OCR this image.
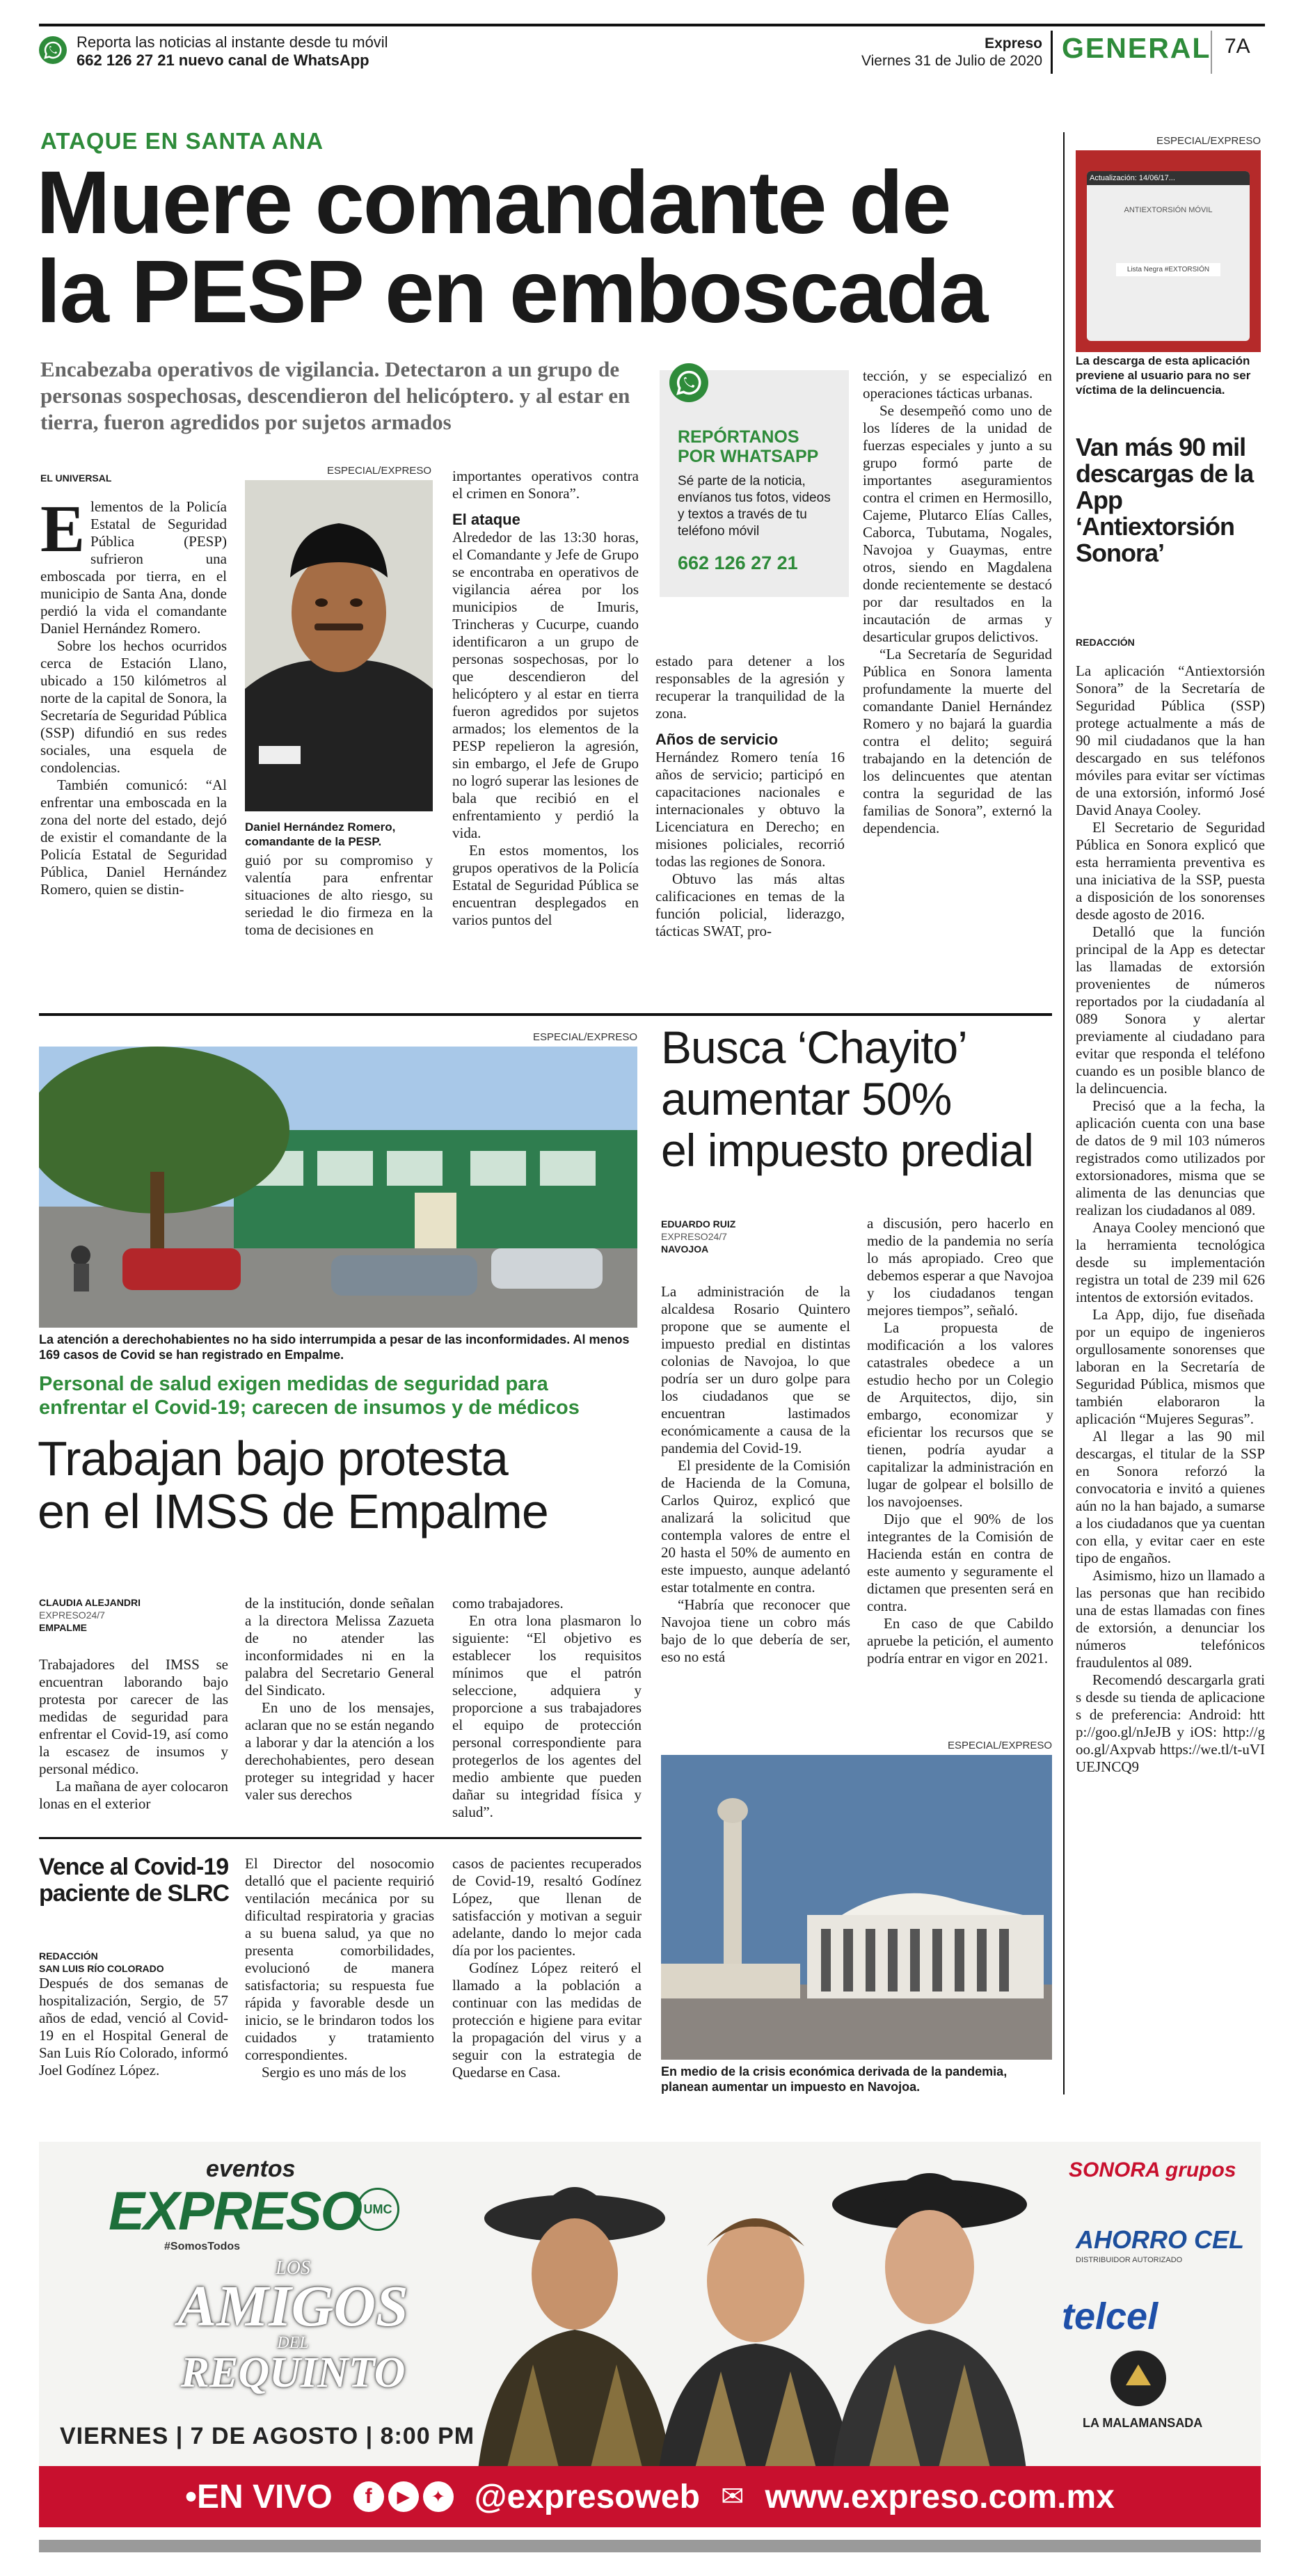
Reporta las noticias al instante desde tu móvil
662 126 27 21 nuevo canal de WhatsApp
Expreso
Viernes 31 de Julio de 2020 GENERAL 7A
ATAQUE EN SANTA ANA
Muere comandante de
la PESP en emboscada
Encabezaba operativos de vigilancia. Detectaron a un grupo de personas sospechosas, descendieron del helicóptero. y al estar en tierra, fueron agredidos por sujetos armados
EL UNIVERSAL
ESPECIAL/EXPRESO
Daniel Hernández Romero, comandante de la PESP.
E lementos de la Policía Estatal de Seguridad Pública (PESP) sufrieron una emboscada por tierra, en el municipio de Santa Ana, donde perdió la vida el comandante Daniel Hernández Romero.

Sobre los hechos ocurridos cerca de Estación Llano, ubicado a 150 kilómetros al norte de la capital de Sonora, la Secretaría de Seguridad Pública (SSP) difundió en sus redes sociales, una esquela de condolencias.

También comunicó: “Al enfrentar una emboscada en la zona del norte del estado, dejó de existir el comandante de la Policía Estatal de Seguridad Pública, Daniel Hernández Romero, quien se distin-

guió por su compromiso y valentía para enfrentar situaciones de alto riesgo, su seriedad le dio firmeza en la toma de decisiones en

importantes operativos contra el crimen en Sonora”.

El ataque

Alrededor de las 13:30 horas, el Comandante y Jefe de Grupo se encontraba en operativos de vigilancia aérea por los municipios de Imuris, Trincheras y Cucurpe, cuando identificaron a un grupo de personas sospechosas, por lo que descendieron del helicóptero y al estar en tierra fueron agredidos por sujetos armados; los elementos de la PESP repelieron la agresión, sin embargo, el Jefe de Grupo no logró superar las lesiones de bala que recibió en el enfrentamiento y perdió la vida.

En estos momentos, los grupos operativos de la Policía Estatal de Seguridad Pública se encuentran desplegados en varios puntos del

estado para detener a los responsables de la agresión y recuperar la tranquilidad de la zona.

Años de servicio

Hernández Romero tenía 16 años de servicio; participó en capacitaciones nacionales e internacionales y obtuvo la Licenciatura en Derecho; en misiones policiales, recorrió todas las regiones de Sonora.

Obtuvo las más altas calificaciones en temas de la función policial, liderazgo, tácticas SWAT, pro-

tección, y se especializó en operaciones tácticas urbanas.

Se desempeñó como uno de los líderes de la unidad de fuerzas especiales y junto a su grupo formó parte de importantes aseguramientos contra el crimen en Hermosillo, Cajeme, Plutarco Elías Calles, Caborca, Tubutama, Nogales, Navojoa y Guaymas, entre otros, siendo en Magdalena donde recientemente se destacó por dar resultados en la incautación de armas y desarticular grupos delictivos.

“La Secretaría de Seguridad Pública en Sonora lamenta profundamente la muerte del comandante Daniel Hernández Romero y no bajará la guardia contra el delito; seguirá trabajando en la detención de los delincuentes que atentan contra la seguridad de las familias de Sonora”, externó la dependencia.

REPÓRTANOS
POR WHATSAPP
Sé parte de la noticia, envíanos tus fotos, videos y textos a través de tu teléfono móvil
662 126 27 21
ESPECIAL/EXPRESO
Actualización: 14/06/17...
ANTIEXTORSIÓN MÓVIL
Lista Negra #EXTORSIÓN
La descarga de esta aplicación previene al usuario para no ser víctima de la delincuencia.
Van más 90 mil descargas de la App ‘Antiextorsión Sonora’
REDACCIÓN

La aplicación “Antiextorsión Sonora” de la Secretaría de Seguridad Pública (SSP) protege actualmente a más de 90 mil ciudadanos que la han descargado en sus teléfonos móviles para evitar ser víctimas de una extorsión, informó José David Anaya Cooley.

El Secretario de Seguridad Pública en Sonora explicó que esta herramienta preventiva es una iniciativa de la SSP, puesta a disposición de los sonorenses desde agosto de 2016.

Detalló que la función principal de la App es detectar las llamadas de extorsión provenientes de números reportados por la ciudadanía al 089 Sonora y alertar previamente al ciudadano para evitar que responda el teléfono cuando es un posible blanco de la delincuencia.

Precisó que a la fecha, la aplicación cuenta con una base de datos de 9 mil 103 números registrados como utilizados por extorsionadores, misma que se alimenta de las denuncias que realizan los ciudadanos al 089.

Anaya Cooley mencionó que la herramienta tecnológica desde su implementación registra un total de 239 mil 626 intentos de extorsión evitados.

La App, dijo, fue diseñada por un equipo de ingenieros orgullosamente sonorenses que laboran en la Secretaría de Seguridad Pública, mismos que también elaboraron la aplicación “Mujeres Seguras”.

Al llegar a las 90 mil descargas, el titular de la SSP en Sonora reforzó la convocatoria e invitó a quienes aún no la han bajado, a sumarse a los ciudadanos que ya cuentan con ella, y evitar caer en este tipo de engaños.

Asimismo, hizo un llamado a las personas que han recibido una de estas llamadas con fines de extorsión, a denunciar los números telefónicos fraudulentos al 089.

Recomendó descargarla gratis desde su tienda de aplicaciones de preferencia: Android: http://goo.gl/nJeJB y iOS: http://goo.gl/Axpvab https://we.tl/t-uVIUEJNCQ9

ESPECIAL/EXPRESO
La atención a derechohabientes no ha sido interrumpida a pesar de las inconformidades. Al menos 169 casos de Covid se han registrado en Empalme.
Personal de salud exigen medidas de seguridad para enfrentar el Covid-19; carecen de insumos y de médicos
Trabajan bajo protesta
en el IMSS de Empalme
CLAUDIA ALEJANDRI
EXPRESO24/7
EMPALME

Trabajadores del IMSS se encuentran laborando bajo protesta por carecer de las medidas de seguridad para enfrentar el Covid-19, así como la escasez de insumos y personal médico.

La mañana de ayer colocaron lonas en el exterior

de la institución, donde señalan a la directora Melissa Zazueta de no atender las inconformidades ni en la palabra del Secretario General del Sindicato.

En uno de los mensajes, aclaran que no se están negando a laborar y dar la atención a los derechohabientes, pero desean proteger su integridad y hacer valer sus derechos

como trabajadores.

En otra lona plasmaron lo siguiente: “El objetivo es establecer los requisitos mínimos que el patrón seleccione, adquiera y proporcione a sus trabajadores el equipo de protección personal correspondiente para protegerlos de los agentes del medio ambiente que pueden dañar su integridad física y salud”.

Vence al Covid-19 paciente de SLRC
REDACCIÓN
SAN LUIS RÍO COLORADO

Después de dos semanas de hospitalización, Sergio, de 57 años de edad, venció al Covid-19 en el Hospital General de San Luis Río Colorado, informó Joel Godínez López.

El Director del nosocomio detalló que el paciente requirió ventilación mecánica por su dificultad respiratoria y gracias a su buena salud, ya que no presenta comorbilidades, evolucionó de manera satisfactoria; su respuesta fue rápida y favorable desde un inicio, se le brindaron todos los cuidados y tratamiento correspondientes.

Sergio es uno más de los

casos de pacientes recuperados de Covid-19, resaltó Godínez López, que llenan de satisfacción y motivan a seguir adelante, dando lo mejor cada día por los pacientes.

Godínez López reiteró el llamado a la población a continuar con las medidas de protección e higiene para evitar la propagación del virus y a seguir con la estrategia de Quedarse en Casa.

Busca ‘Chayito’
aumentar 50%
el impuesto predial
EDUARDO RUIZ
EXPRESO24/7
NAVOJOA

La administración de la alcaldesa Rosario Quintero propone que se aumente el impuesto predial en distintas colonias de Navojoa, lo que podría ser un duro golpe para los ciudadanos que se encuentran lastimados económicamente a causa de la pandemia del Covid-19.

El presidente de la Comisión de Hacienda de la Comuna, Carlos Quiroz, explicó que analizará la solicitud que contempla valores de entre el 20 hasta el 50% de aumento en este impuesto, aunque adelantó estar totalmente en contra.

“Habría que reconocer que Navojoa tiene un cobro más bajo de lo que debería de ser, eso no está

a discusión, pero hacerlo en medio de la pandemia no sería lo más apropiado. Creo que debemos esperar a que Navojoa y los ciudadanos tengan mejores tiempos”, señaló.

La propuesta de modificación a los valores catastrales obedece a un estudio hecho por un Colegio de Arquitectos, dijo, sin embargo, economizar y eficientar los recursos que se tienen, podría ayudar a capitalizar la administración en lugar de golpear el bolsillo de los navojoenses.

Dijo que el 90% de los integrantes de la Comisión de Hacienda están en contra de este aumento y seguramente el dictamen que presenten será en contra.

En caso de que Cabildo apruebe la petición, el aumento podría entrar en vigor en 2021.

ESPECIAL/EXPRESO
En medio de la crisis económica derivada de la pandemia, planean aumentar un impuesto en Navojoa.
eventos
EXPRESO
#SomosTodos
UMC
LOS
AMIGOS
DEL
REQUINTO
VIERNES | 7 DE AGOSTO | 8:00 PM
SONORA grupos
AHORRO CEL
DISTRIBUIDOR AUTORIZADO
telcel
LA MALAMANSADA
•EN VIVO	f	▶	✦ @expresoweb ✉ www.expreso.com.mx
